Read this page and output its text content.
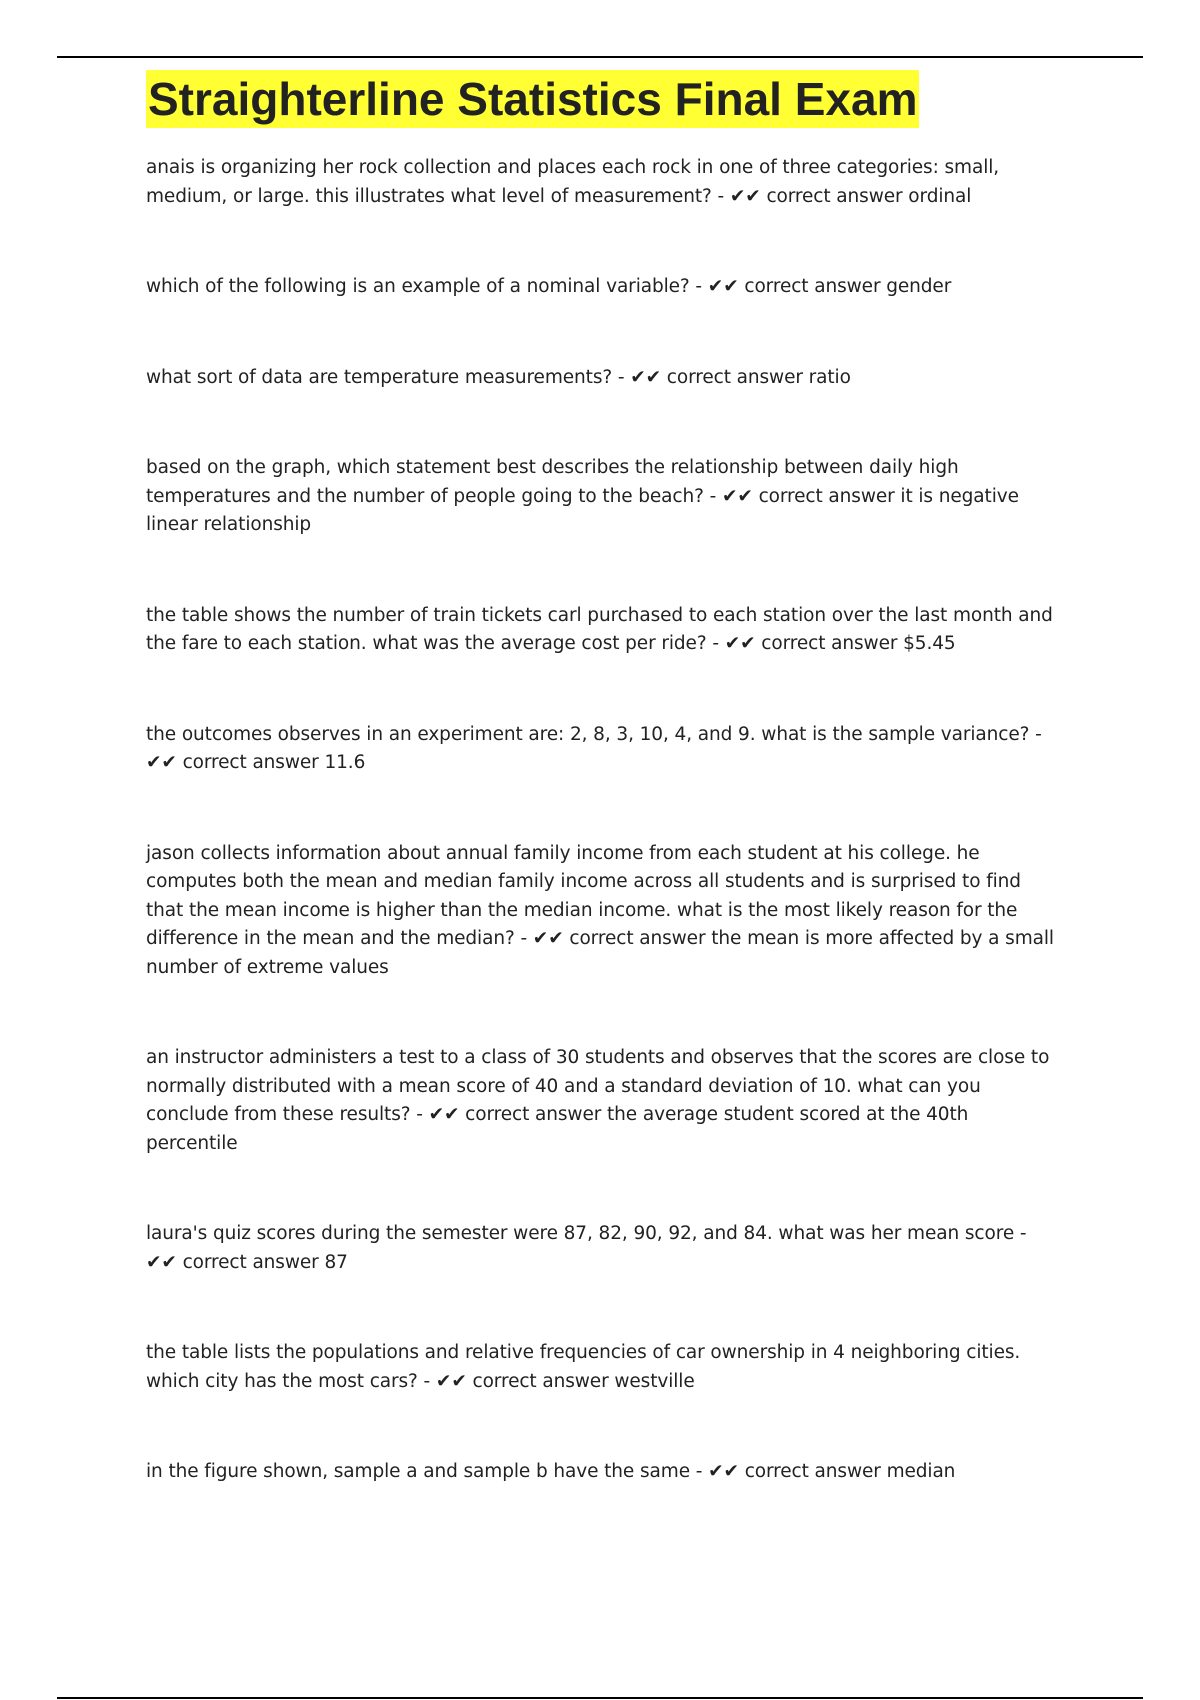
Straighterline Statistics Final Exam

anais is organizing her rock collection and places each rock in one of three categories: small, medium, or large. this illustrates what level of measurement? - ✔✔ correct answer ordinal

which of the following is an example of a nominal variable? - ✔✔ correct answer gender

what sort of data are temperature measurements? - ✔✔ correct answer ratio

based on the graph, which statement best describes the relationship between daily high temperatures and the number of people going to the beach? - ✔✔ correct answer it is negative linear relationship

the table shows the number of train tickets carl purchased to each station over the last month and the fare to each station. what was the average cost per ride? - ✔✔ correct answer $5.45

the outcomes observes in an experiment are: 2, 8, 3, 10, 4, and 9. what is the sample variance? - ✔✔ correct answer 11.6

jason collects information about annual family income from each student at his college. he computes both the mean and median family income across all students and is surprised to find that the mean income is higher than the median income. what is the most likely reason for the difference in the mean and the median? - ✔✔ correct answer the mean is more affected by a small number of extreme values

an instructor administers a test to a class of 30 students and observes that the scores are close to normally distributed with a mean score of 40 and a standard deviation of 10. what can you conclude from these results? - ✔✔ correct answer the average student scored at the 40th percentile

laura's quiz scores during the semester were 87, 82, 90, 92, and 84. what was her mean score - ✔✔ correct answer 87

the table lists the populations and relative frequencies of car ownership in 4 neighboring cities. which city has the most cars? - ✔✔ correct answer westville

in the figure shown, sample a and sample b have the same - ✔✔ correct answer median
